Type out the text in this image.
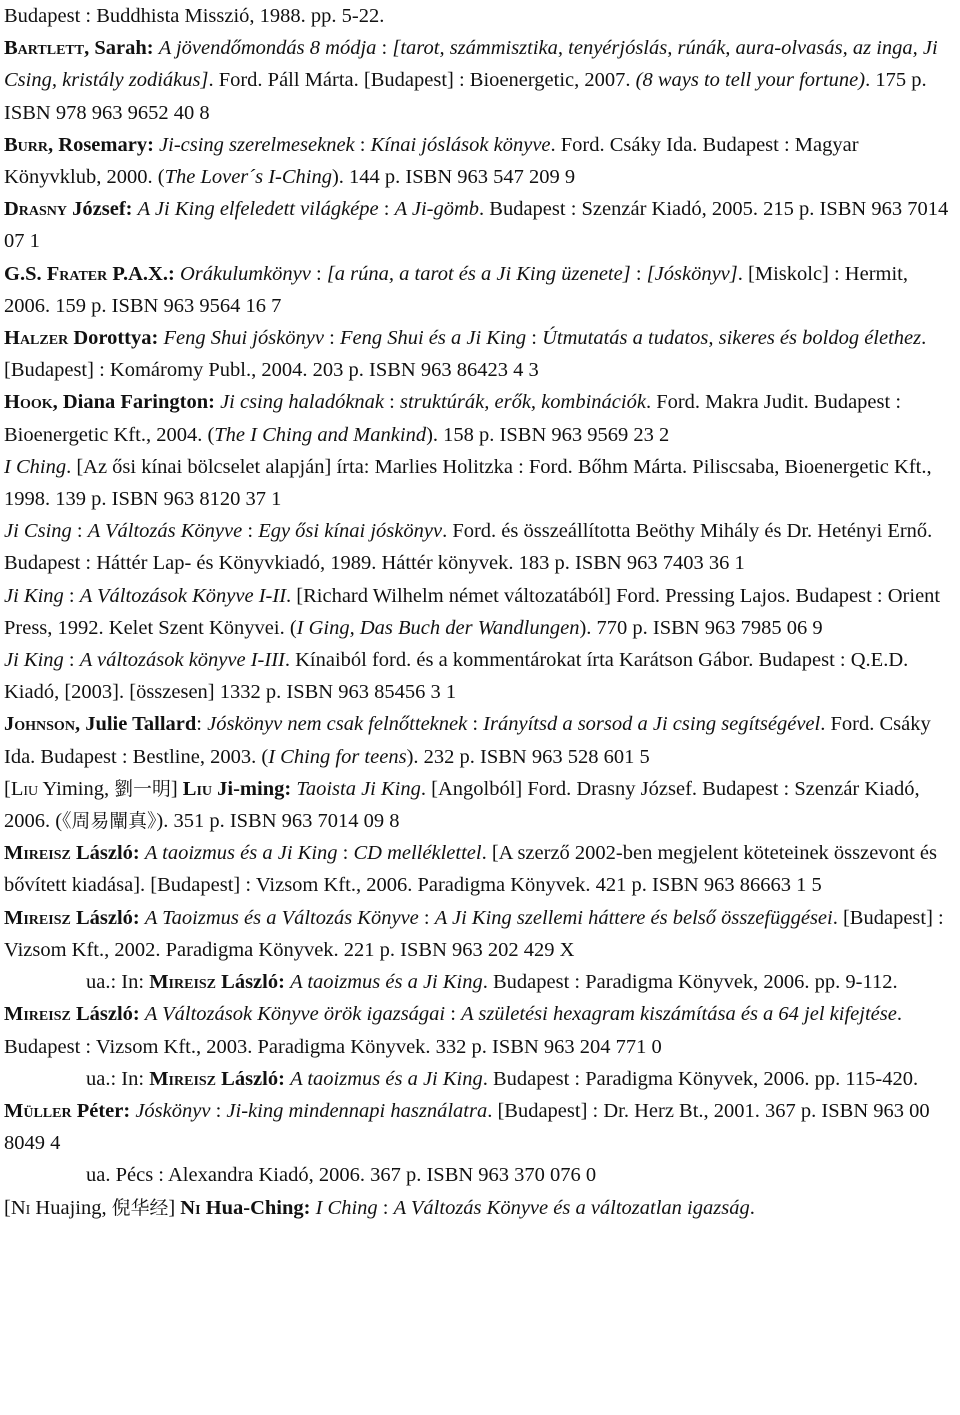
Budapest : Buddhista Misszió, 1988. pp. 5-22.

Bartlett, Sarah: A jövendőmondás 8 módja : [tarot, számmisztika, tenyérjóslás, rúnák, aura-olvasás, az inga, Ji Csing, kristály zodiákus]. Ford. Páll Márta. [Budapest] : Bioenergetic, 2007. (8 ways to tell your fortune). 175 p. ISBN 978 963 9652 40 8

Burr, Rosemary: Ji-csing szerelmeseknek : Kínai jóslások könyve. Ford. Csáky Ida. Budapest : Magyar Könyvklub, 2000. (The Lover´s I-Ching). 144 p. ISBN 963 547 209 9

Drasny József: A Ji King elfeledett világképe : A Ji-gömb. Budapest : Szenzár Kiadó, 2005. 215 p. ISBN 963 7014 07 1

G.S. Frater P.A.X.: Orákulumkönyv : [a rúna, a tarot és a Ji King üzenete] : [Jóskönyv]. [Miskolc] : Hermit, 2006. 159 p. ISBN 963 9564 16 7

Halzer Dorottya: Feng Shui jóskönyv : Feng Shui és a Ji King : Útmutatás a tudatos, sikeres és boldog élethez. [Budapest] : Komáromy Publ., 2004. 203 p. ISBN 963 86423 4 3

Hook, Diana Farington: Ji csing haladóknak : struktúrák, erők, kombinációk. Ford. Makra Judit. Budapest : Bioenergetic Kft., 2004. (The I Ching and Mankind). 158 p. ISBN 963 9569 23 2

I Ching. [Az ősi kínai bölcselet alapján] írta: Marlies Holitzka : Ford. Bőhm Márta. Piliscsaba, Bioenergetic Kft., 1998. 139 p. ISBN 963 8120 37 1

Ji Csing : A Változás Könyve : Egy ősi kínai jóskönyv. Ford. és összeállította Beöthy Mihály és Dr. Hetényi Ernő. Budapest : Háttér Lap- és Könyvkiadó, 1989. Háttér könyvek. 183 p. ISBN 963 7403 36 1

Ji King : A Változások Könyve I-II. [Richard Wilhelm német változatából] Ford. Pressing Lajos. Budapest : Orient Press, 1992. Kelet Szent Könyvei. (I Ging, Das Buch der Wandlungen). 770 p. ISBN 963 7985 06 9

Ji King : A változások könyve I-III. Kínaiból ford. és a kommentárokat írta Karátson Gábor. Budapest : Q.E.D. Kiadó, [2003]. [összesen] 1332 p. ISBN 963 85456 3 1

Johnson, Julie Tallard: Jóskönyv nem csak felnőtteknek : Irányítsd a sorsod a Ji csing segítségével. Ford. Csáky Ida. Budapest : Bestline, 2003. (I Ching for teens). 232 p. ISBN 963 528 601 5

[Liu Yiming, 劉一明] Liu Ji-ming: Taoista Ji King. [Angolból] Ford. Drasny József. Budapest : Szenzár Kiadó, 2006. (《周易闡真》). 351 p. ISBN 963 7014 09 8

Mireisz László: A taoizmus és a Ji King : CD melléklettel. [A szerző 2002-ben megjelent köteteinek összevont és bővített kiadása]. [Budapest] : Vizsom Kft., 2006. Paradigma Könyvek. 421 p. ISBN 963 86663 1 5

Mireisz László: A Taoizmus és a Változás Könyve : A Ji King szellemi háttere és belső összefüggései. [Budapest] : Vizsom Kft., 2002. Paradigma Könyvek. 221 p. ISBN 963 202 429 X

ua.: In: Mireisz László: A taoizmus és a Ji King. Budapest : Paradigma Könyvek, 2006. pp. 9-112.

Mireisz László: A Változások Könyve örök igazságai : A születési hexagram kiszámítása és a 64 jel kifejtése. Budapest : Vizsom Kft., 2003. Paradigma Könyvek. 332 p. ISBN 963 204 771 0

ua.: In: Mireisz László: A taoizmus és a Ji King. Budapest : Paradigma Könyvek, 2006. pp. 115-420.

Müller Péter: Jóskönyv : Ji-king mindennapi használatra. [Budapest] : Dr. Herz Bt., 2001. 367 p. ISBN 963 00 8049 4

ua. Pécs : Alexandra Kiadó, 2006. 367 p. ISBN 963 370 076 0

[Ni Huajing, 倪华经] Ni Hua-Ching: I Ching : A Változás Könyve és a változatlan igazság.
